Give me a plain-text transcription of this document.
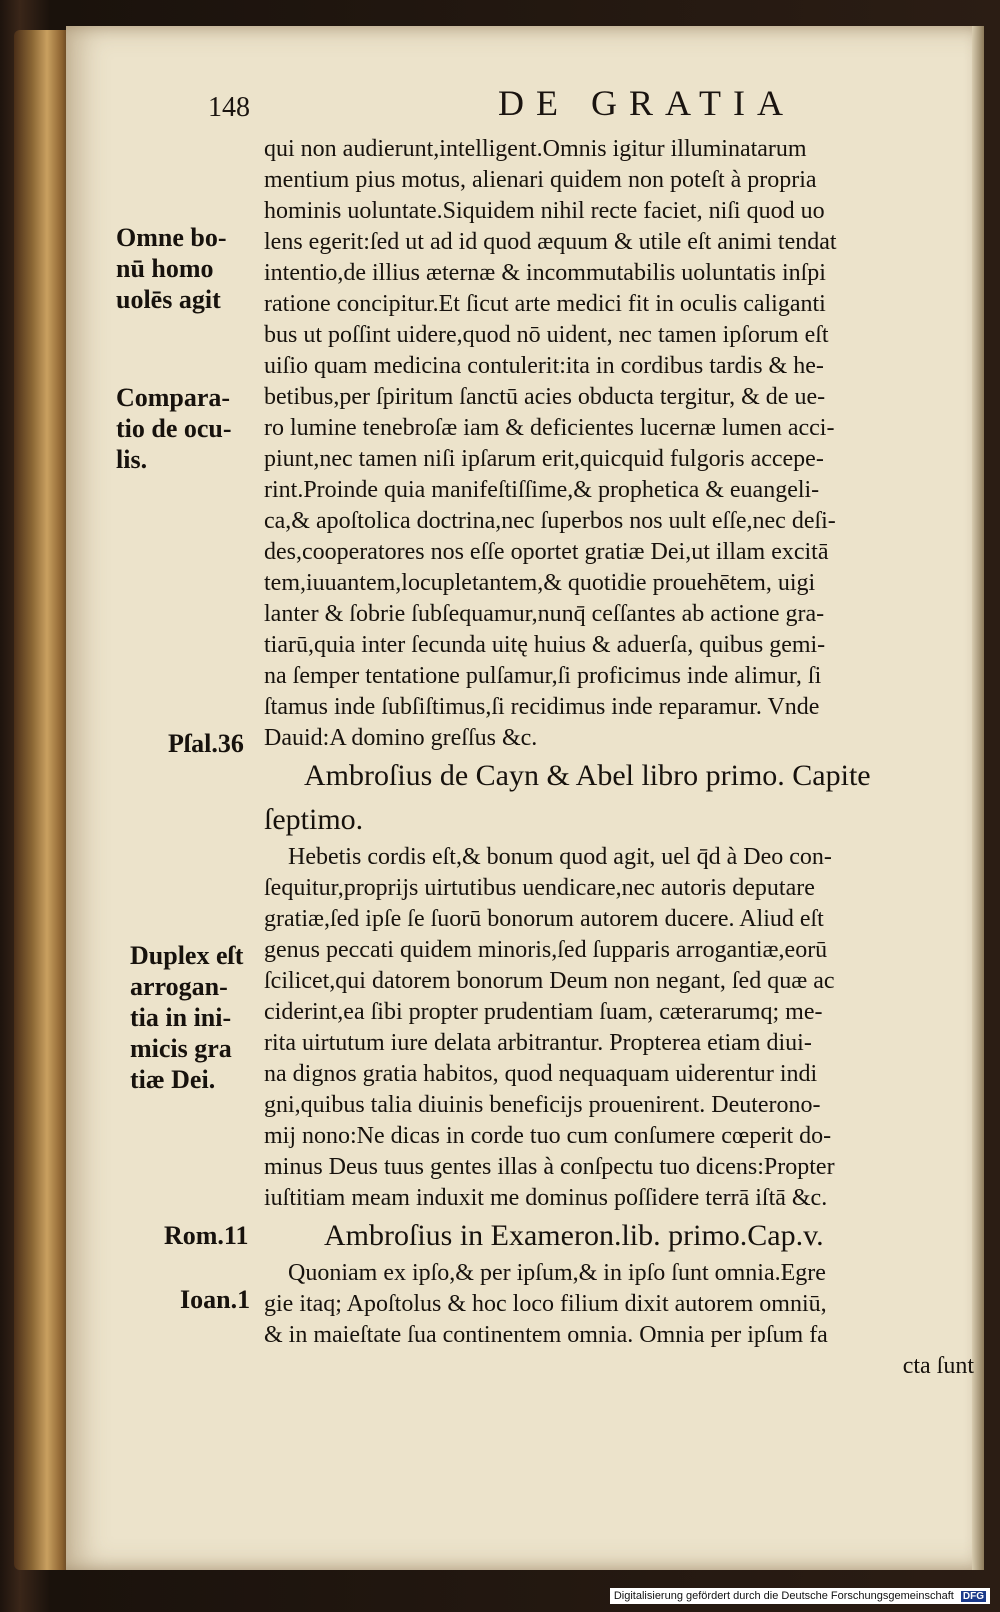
148	DE GRATIA
qui non audierunt,intelligent.Omnis igitur illuminatarum
mentium pius motus, alienari quidem non poteſt à propria
hominis uoluntate.Siquidem nihil recte faciet, niſi quod uo
lens egerit:ſed ut ad id quod æquum & utile eſt animi tendat
intentio,de illius æternæ & incommutabilis uoluntatis inſpi
ratione concipitur.Et ſicut arte medici fit in oculis caliganti
bus ut poſſint uidere,quod nō uident, nec tamen ipſorum eſt
uiſio quam medicina contulerit:ita in cordibus tardis & he-
betibus,per ſpiritum ſanctū acies obducta tergitur, & de ue-
ro lumine tenebroſæ iam & deficientes lucernæ lumen acci-
piunt,nec tamen niſi ipſarum erit,quicquid fulgoris accepe-
rint.Proinde quia manifeſtiſſime,& prophetica & euangeli-
ca,& apoſtolica doctrina,nec ſuperbos nos uult eſſe,nec deſi-
des,cooperatores nos eſſe oportet gratiæ Dei,ut illam excitā
tem,iuuantem,locupletantem,& quotidie prouehētem, uigi
lanter & ſobrie ſubſequamur,nunq̄ ceſſantes ab actione gra-
tiarū,quia inter ſecunda uitę huius & aduerſa, quibus gemi-
na ſemper tentatione pulſamur,ſi proficimus inde alimur, ſi
ſtamus inde ſubſiſtimus,ſi recidimus inde reparamur. Vnde
Dauid:A domino greſſus &c.
Ambroſius de Cayn & Abel libro primo. Capite
ſeptimo.
Hebetis cordis eſt,& bonum quod agit, uel q̄d à Deo con-
ſequitur,proprijs uirtutibus uendicare,nec autoris deputare
gratiæ,ſed ipſe ſe ſuorū bonorum autorem ducere. Aliud eſt
genus peccati quidem minoris,ſed ſupparis arrogantiæ,eorū
ſcilicet,qui datorem bonorum Deum non negant, ſed quæ ac
ciderint,ea ſibi propter prudentiam ſuam, cæterarumq; me-
rita uirtutum iure delata arbitrantur. Propterea etiam diui-
na dignos gratia habitos, quod nequaquam uiderentur indi
gni,quibus talia diuinis beneficijs prouenirent. Deuterono-
mij nono:Ne dicas in corde tuo cum conſumere cœperit do-
minus Deus tuus gentes illas à conſpectu tuo dicens:Propter
iuſtitiam meam induxit me dominus poſſidere terrā iſtā &c.
Ambroſius in Exameron.lib. primo.Cap.v.
Quoniam ex ipſo,& per ipſum,& in ipſo ſunt omnia.Egre
gie itaq; Apoſtolus & hoc loco filium dixit autorem omniū,
& in maieſtate ſua continentem omnia. Omnia per ipſum fa
cta ſunt
Omne bo-
nū homo
uolēs agit
Compara-
tio de ocu-
lis.
Pſal.36
Duplex eſt
arrogan-
tia in ini-
micis gra
tiæ Dei.
Rom.11
Ioan.1
Digitalisierung gefördert durch die Deutsche Forschungsgemeinschaft DFG
